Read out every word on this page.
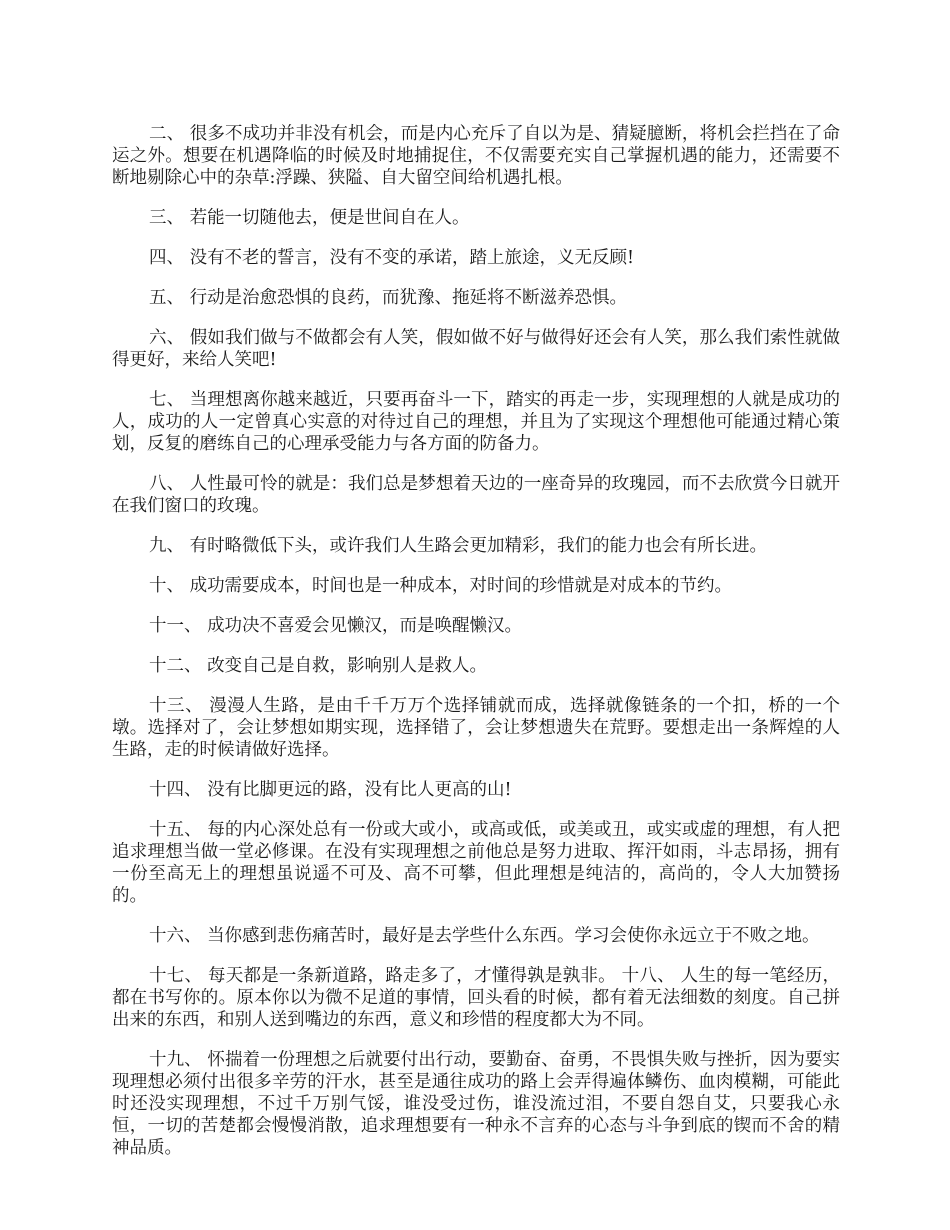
二、 很多不成功并非没有机会，而是内心充斥了自以为是、猜疑臆断，将机会拦挡在了命运之外。想要在机遇降临的时候及时地捕捉住，不仅需要充实自己掌握机遇的能力，还需要不断地剔除心中的杂草:浮躁、狭隘、自大留空间给机遇扎根。

三、 若能一切随他去，便是世间自在人。

四、 没有不老的誓言，没有不变的承诺，踏上旅途，义无反顾!

五、 行动是治愈恐惧的良药，而犹豫、拖延将不断滋养恐惧。

六、 假如我们做与不做都会有人笑，假如做不好与做得好还会有人笑，那么我们索性就做得更好，来给人笑吧!

七、 当理想离你越来越近，只要再奋斗一下，踏实的再走一步，实现理想的人就是成功的人，成功的人一定曾真心实意的对待过自己的理想，并且为了实现这个理想他可能通过精心策划，反复的磨练自己的心理承受能力与各方面的防备力。

八、 人性最可怜的就是：我们总是梦想着天边的一座奇异的玫瑰园，而不去欣赏今日就开在我们窗口的玫瑰。

九、 有时略微低下头，或许我们人生路会更加精彩，我们的能力也会有所长进。

十、 成功需要成本，时间也是一种成本，对时间的珍惜就是对成本的节约。

十一、 成功决不喜爱会见懒汉，而是唤醒懒汉。

十二、 改变自己是自救，影响别人是救人。

十三、 漫漫人生路，是由千千万万个选择铺就而成，选择就像链条的一个扣，桥的一个墩。选择对了，会让梦想如期实现，选择错了，会让梦想遗失在荒野。要想走出一条辉煌的人生路，走的时候请做好选择。

十四、 没有比脚更远的路，没有比人更高的山!

十五、 每的内心深处总有一份或大或小，或高或低，或美或丑，或实或虚的理想，有人把追求理想当做一堂必修课。在没有实现理想之前他总是努力进取、挥汗如雨，斗志昂扬，拥有一份至高无上的理想虽说遥不可及、高不可攀，但此理想是纯洁的，高尚的，令人大加赞扬的。

十六、 当你感到悲伤痛苦时，最好是去学些什么东西。学习会使你永远立于不败之地。

十七、 每天都是一条新道路，路走多了，才懂得孰是孰非。 十八、 人生的每一笔经历，都在书写你的。原本你以为微不足道的事情，回头看的时候，都有着无法细数的刻度。自己拼出来的东西，和别人送到嘴边的东西，意义和珍惜的程度都大为不同。

十九、 怀揣着一份理想之后就要付出行动，要勤奋、奋勇，不畏惧失败与挫折，因为要实现理想必须付出很多辛劳的汗水，甚至是通往成功的路上会弄得遍体鳞伤、血肉模糊，可能此时还没实现理想，不过千万别气馁，谁没受过伤，谁没流过泪，不要自怨自艾，只要我心永恒，一切的苦楚都会慢慢消散，追求理想要有一种永不言弃的心态与斗争到底的锲而不舍的精神品质。
